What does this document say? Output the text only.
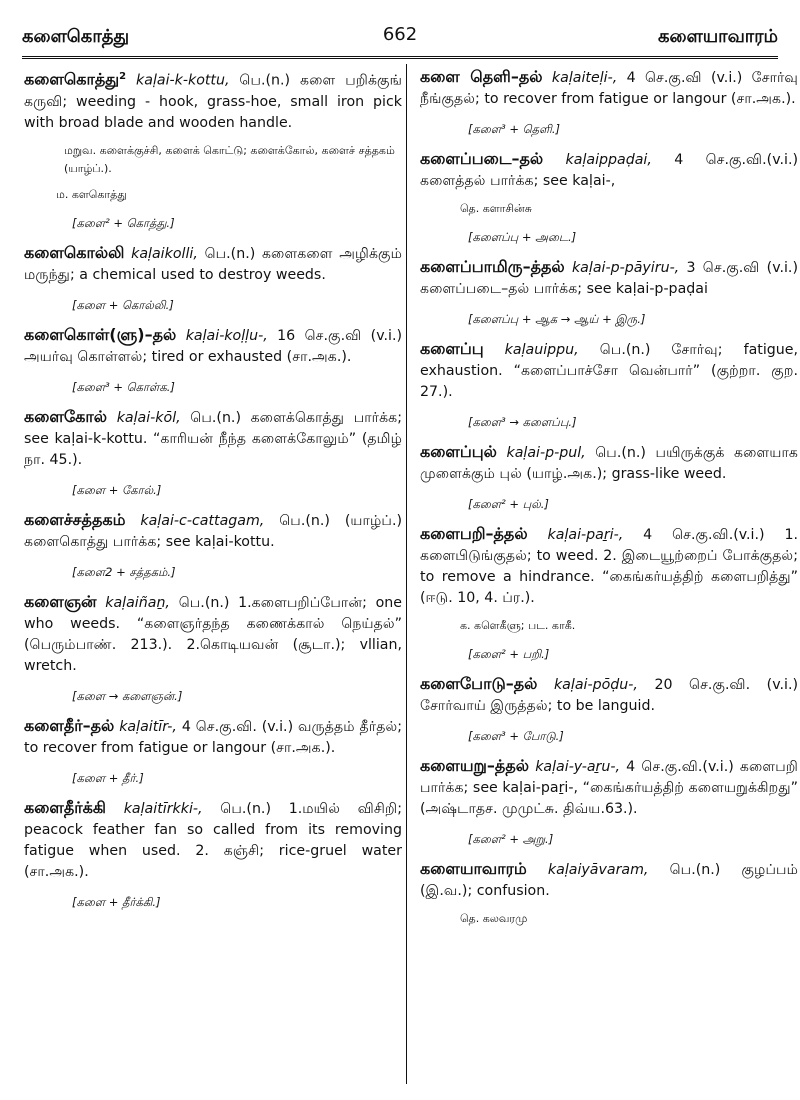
களைகொத்து	662	களையாவாரம்
களைகொத்து$^2$ kaḷai-k-kottu, பெ.(n.) களை பறிக்குங் கருவி; weeding - hook, grass-hoe, small iron pick with broad blade and wooden handle.
மறுவ. களைக்குச்சி, களைக் கொட்டு; களைக்கோல், களைச் சத்தகம் (யாழ்ப்.).
ம. களகொத்து
[களை² + கொத்து.]
களைகொல்லி kaḷaikolli, பெ.(n.) களைகளை அழிக்கும் மருந்து; a chemical used to destroy weeds.
[களை + கொல்லி.]
களைகொள்(ளு)–தல் kaḷai-koḷḷu-, 16 செ.கு.வி (v.i.) அயர்வு கொள்ளல்; tired or exhausted (சா.அக.).
[களை³ + கொள்க.]
களைகோல் kaḷai-kōl, பெ.(n.) களைக்கொத்து பார்க்க; see kaḷai-k-kottu. “காரியன் நீந்த களைக்கோலும்” (தமிழ் நா. 45.).
[களை + கோல்.]
களைச்சத்தகம் kaḷai-c-cattagam, பெ.(n.) (யாழ்ப்.) களைகொத்து பார்க்க; see kaḷai-kottu.
[களை2 + சத்தகம்.]
களைஞன் kaḷaiñaṉ, பெ.(n.) 1.களைபறிப்போன்; one who weeds. “களைஞர்தந்த கணைக்கால் நெய்தல்” (பெரும்பாண். 213.). 2.கொடியவன் (சூடா.); vllian, wretch.
[களை → களைஞன்.]
களைதீர்–தல் kaḷaitīr-, 4 செ.கு.வி. (v.i.) வருத்தம் தீர்தல்; to recover from fatigue or langour (சா.அக.).
[களை + தீர்.]
களைதீர்க்கி kaḷaitīrkki-, பெ.(n.) 1.மயில் விசிறி; peacock feather fan so called from its removing fatigue when used. 2. கஞ்சி; rice-gruel water (சா.அக.).
[களை + தீர்க்கி.]
களை தெளி–தல் kaḷaiteḷi-, 4 செ.கு.வி (v.i.) சோர்வு நீங்குதல்; to recover from fatigue or langour (சா.அக.).
[களை³ + தெளி.]
களைப்படை–தல் kaḷaippaḍai, 4 செ.கு.வி.(v.i.) களைத்தல் பார்க்க; see kaḷai-,
தெ. களாசின்சு
[களைப்பு + அடை.]
களைப்பாமிரு–த்தல் kaḷai-p-pāyiru-, 3 செ.கு.வி (v.i.) களைப்படை–தல் பார்க்க; see kaḷai-p-paḍai
[களைப்பு + ஆக → ஆய் + இரு.]
களைப்பு kaḷauippu, பெ.(n.) சோர்வு; fatigue, exhaustion. “களைப்பாச்சோ வென்பார்” (குற்றா. குற. 27.).
[களை³ → களைப்பு.]
களைப்புல் kaḷai-p-pul, பெ.(n.) பயிருக்குக் களையாக முளைக்கும் புல் (யாழ்.அக.); grass-like weed.
[களை² + புல்.]
களைபறி–த்தல் kaḷai-paṟi-, 4 செ.கு.வி.(v.i.) 1. களைபிடுங்குதல்; to weed. 2. இடையூற்றைப் போக்குதல்; to remove a hindrance. “கைங்கர்யத்திற் களைபறித்து” (ஈடு. 10, 4. ப்ர.).
க. களெகீளு; பட. காகீ.
[களை² + பறி.]
களைபோடு–தல் kaḷai-pōḍu-, 20 செ.கு.வி. (v.i.) சோர்வாய் இருத்தல்; to be languid.
[களை³ + போடு.]
களையறு–த்தல் kaḷai-y-aṟu-, 4 செ.கு.வி.(v.i.) களைபறி பார்க்க; see kaḷai-paṟi-, “கைங்கர்யத்திற் களையறுக்கிறது” (அஷ்டாதச. முமுட்சு. திவ்ய.63.).
[களை² + அறு.]
களையாவாரம் kaḷaiyāvaram, பெ.(n.) குழப்பம் (இ.வ.); confusion.
தெ. கலவரமு
